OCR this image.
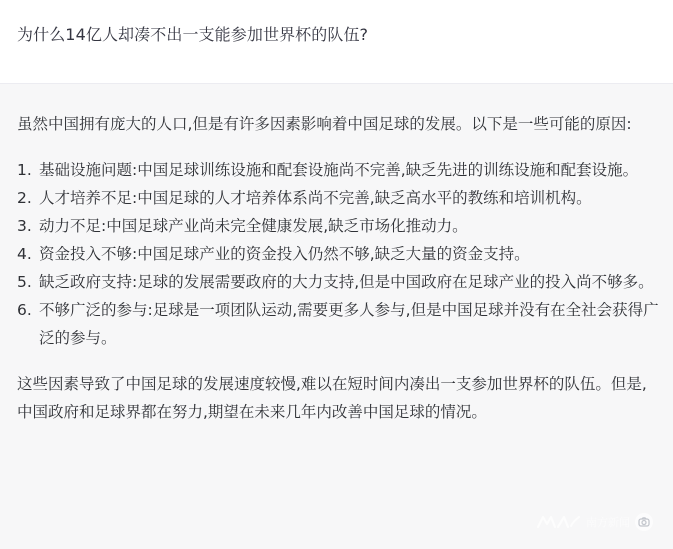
为什么14亿人却凑不出一支能参加世界杯的队伍?

虽然中国拥有庞大的人口,但是有许多因素影响着中国足球的发展。以下是一些可能的原因:

1. 基础设施问题:中国足球训练设施和配套设施尚不完善,缺乏先进的训练设施和配套设施。
2. 人才培养不足:中国足球的人才培养体系尚不完善,缺乏高水平的教练和培训机构。
3. 动力不足:中国足球产业尚未完全健康发展,缺乏市场化推动力。
4. 资金投入不够:中国足球产业的资金投入仍然不够,缺乏大量的资金支持。
5. 缺乏政府支持:足球的发展需要政府的大力支持,但是中国政府在足球产业的投入尚不够多。
6. 不够广泛的参与:足球是一项团队运动,需要更多人参与,但是中国足球并没有在全社会获得广泛的参与。

这些因素导致了中国足球的发展速度较慢,难以在短时间内凑出一支参加世界杯的队伍。但是,中国政府和足球界都在努力,期望在未来几年内改善中国足球的情况。

南方新闻
